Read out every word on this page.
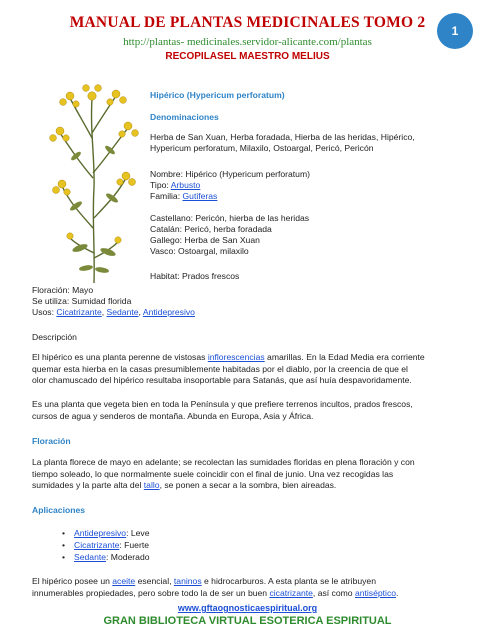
MANUAL DE PLANTAS MEDICINALES TOMO 2
http://plantas- medicinales.servidor-alicante.com/plantas
RECOPILASEL MAESTRO MELIUS
1
Hipérico (Hypericum perforatum)
Denominaciones
Herba de San Xuan, Herba foradada, Hierba de las heridas, Hipérico,
Hypericum perforatum, Milaxilo, Ostoargal, Pericó, Pericón
Nombre: Hipérico (Hypericum perforatum)
Tipo: Arbusto
Familia: Gutiferas
Castellano: Pericón, hierba de las heridas
Catalán: Pericó, herba foradada
Gallego: Herba de San Xuan
Vasco: Ostoargal, milaxilo
Habitat: Prados frescos
Floración: Mayo
Se utiliza: Sumidad florida
Usos: Cicatrizante, Sedante, Antidepresivo
Descripción
El hipérico es una planta perenne de vistosas inflorescencias amarillas. En la Edad Media era corriente
quemar esta hierba en la casas presumiblemente habitadas por el diablo, por la creencia de que el
olor chamuscado del hipérico resultaba insoportable para Satanás, que así huía despavoridamente.
Es una planta que vegeta bien en toda la Península y que prefiere terrenos incultos, prados frescos,
cursos de agua y senderos de montaña. Abunda en Europa, Asia y África.
Floración
La planta florece de mayo en adelante; se recolectan las sumidades floridas en plena floración y con
tiempo soleado, lo que normalmente suele coincidir con el final de junio. Una vez recogidas las
sumidades y la parte alta del tallo, se ponen a secar a la sombra, bien aireadas.
Aplicaciones
• Antidepresivo: Leve
• Cicatrizante: Fuerte
• Sedante: Moderado
El hipérico posee un aceite esencial, taninos e hidrocarburos. A esta planta se le atribuyen
innumerables propiedades, pero sobre todo la de ser un buen cicatrizante, así como antiséptico.
www.gftaognosticaespiritual.org
GRAN BIBLIOTECA VIRTUAL ESOTERICA ESPIRITUAL
